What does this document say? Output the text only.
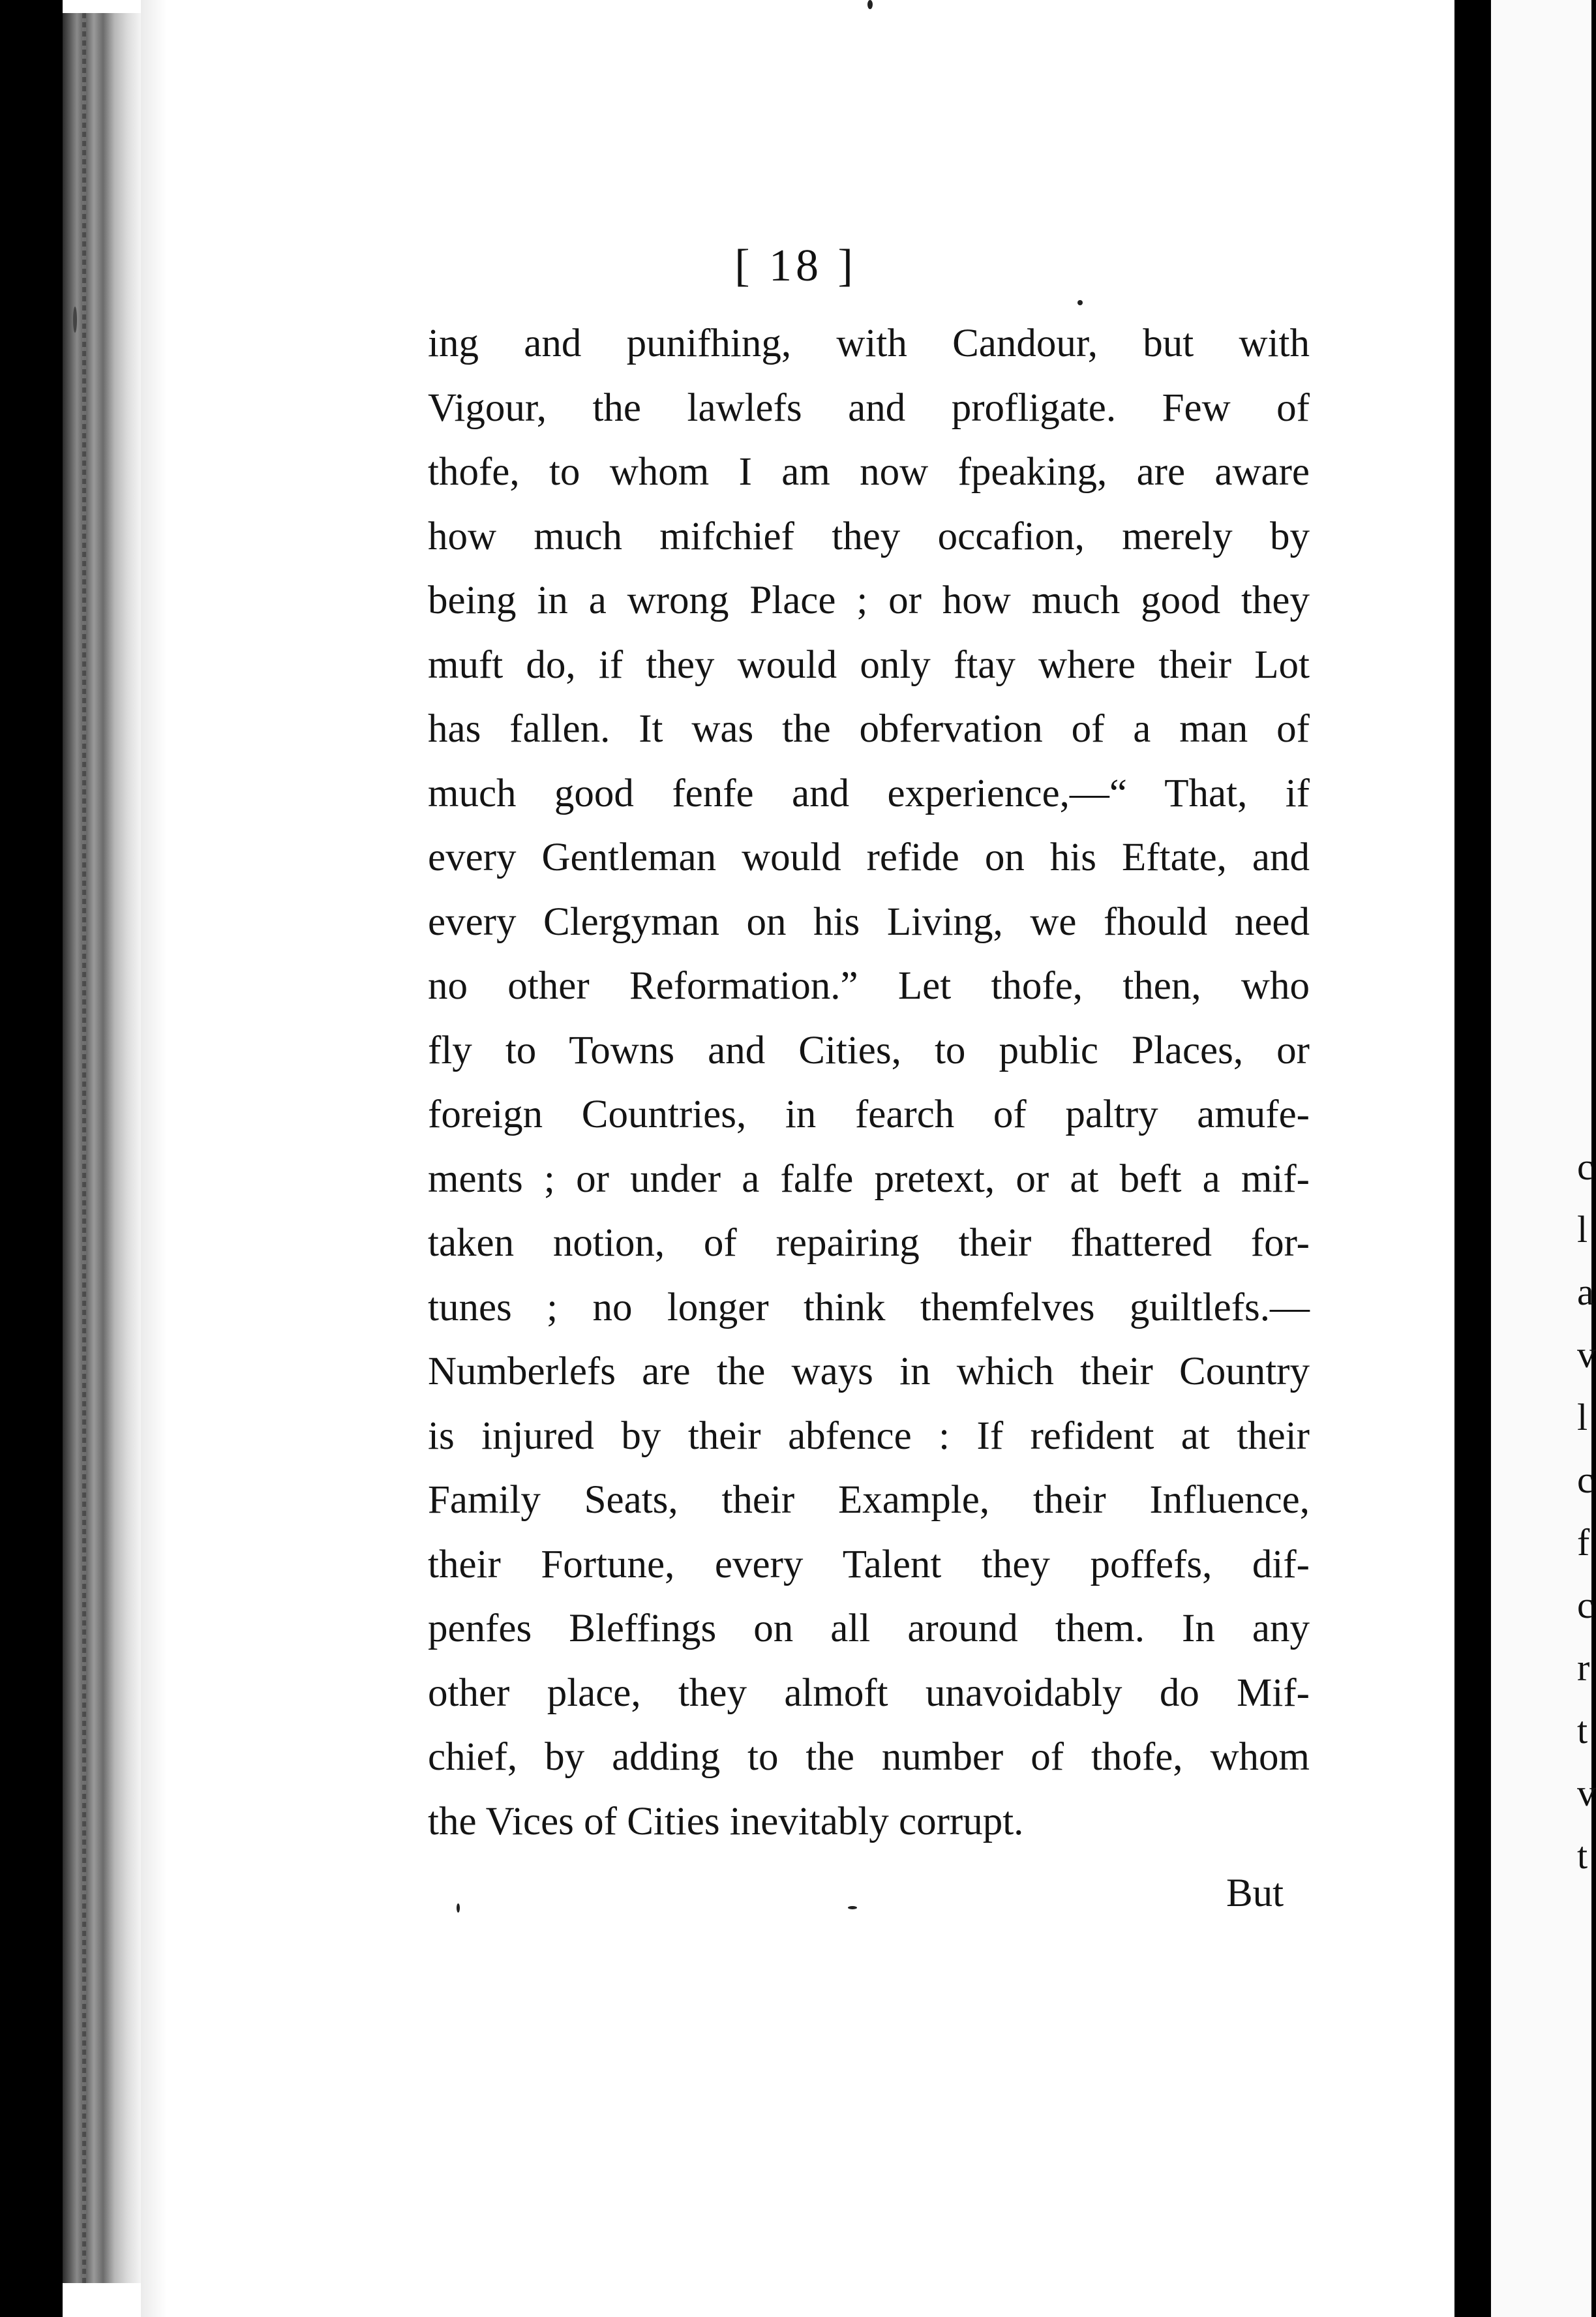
[ 18 ]
ing and punifhing, with Candour, but with
Vigour, the lawlefs and profligate. Few of
thofe, to whom I am now fpeaking, are aware
how much mifchief they occafion, merely by
being in a wrong Place ; or how much good they
muft do, if they would only ftay where their Lot
has fallen. It was the obfervation of a man of
much good fenfe and experience,—“ That, if
every Gentleman would refide on his Eftate, and
every Clergyman on his Living, we fhould need
no other Reformation.” Let thofe, then, who
fly to Towns and Cities, to public Places, or
foreign Countries, in fearch of paltry amufe-
ments ; or under a falfe pretext, or at beft a mif-
taken notion, of repairing their fhattered for-
tunes ; no longer think themfelves guiltlefs.—
Numberlefs are the ways in which their Country
is injured by their abfence : If refident at their
Family Seats, their Example, their Influence,
their Fortune, every Talent they poffefs, dif-
penfes Bleffings on all around them. In any
other place, they almoft unavoidably do Mif-
chief, by adding to the number of thofe, whom
the Vices of Cities inevitably corrupt.
But
c
l
a
v
l
c
f
c
r
t
v
t
